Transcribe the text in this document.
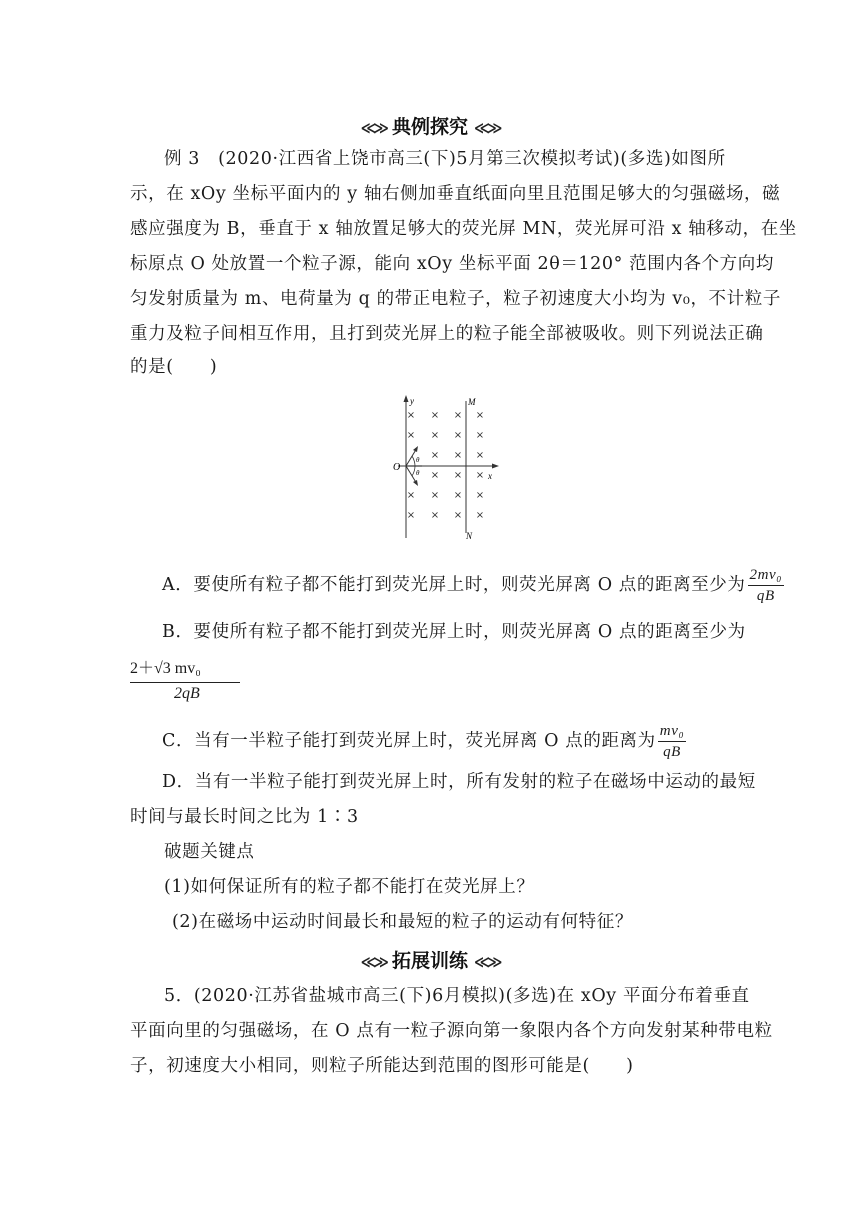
≪≫ 典例探究 ≪≫
例 3　(2020·江西省上饶市高三(下)5月第三次模拟考试)(多选)如图所
示，在 xOy 坐标平面内的 y 轴右侧加垂直纸面向里且范围足够大的匀强磁场，磁
感应强度为 B，垂直于 x 轴放置足够大的荧光屏 MN，荧光屏可沿 x 轴移动，在坐
标原点 O 处放置一个粒子源，能向 xOy 坐标平面 2θ＝120° 范围内各个方向均
匀发射质量为 m、电荷量为 q 的带正电粒子，粒子初速度大小均为 v₀，不计粒子
重力及粒子间相互作用，且打到荧光屏上的粒子能全部被吸收。则下列说法正确
的是(　　)
y
x
O
M
N
θ
θ
× × × ×
× × × ×
× × ×
× × ×
× × × ×
× × × ×
A．要使所有粒子都不能打到荧光屏上时，则荧光屏离 O 点的距离至少为 $\frac{\text{2mv₀}}{qB}$
B．要使所有粒子都不能打到荧光屏上时，则荧光屏离 O 点的距离至少为
$\frac{\text{2＋√3 mv₀}}{2qB}$
C．当有一半粒子能打到荧光屏上时，荧光屏离 O 点的距离为 $\frac{\text{mv₀}}{qB}$
D．当有一半粒子能打到荧光屏上时，所有发射的粒子在磁场中运动的最短
时间与最长时间之比为 1∶3
破题关键点
(1)如何保证所有的粒子都不能打在荧光屏上？
(2)在磁场中运动时间最长和最短的粒子的运动有何特征？
≪≫ 拓展训练 ≪≫
5．(2020·江苏省盐城市高三(下)6月模拟)(多选)在 xOy 平面分布着垂直
平面向里的匀强磁场，在 O 点有一粒子源向第一象限内各个方向发射某种带电粒
子，初速度大小相同，则粒子所能达到范围的图形可能是(　　)
